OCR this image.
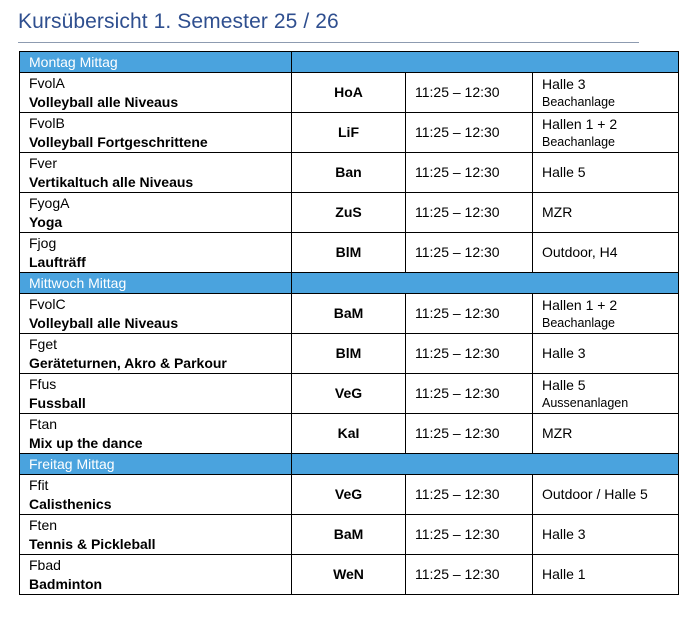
Kursübersicht 1. Semester 25 / 26
Montag Mittag			

FvolA
Volleyball alle Niveaus	HoA	11:25 – 12:30	Halle 3
Beachanlage

FvolB
Volleyball Fortgeschrittene	LiF	11:25 – 12:30	Hallen 1 + 2
Beachanlage

Fver
Vertikaltuch alle Niveaus	Ban	11:25 – 12:30	Halle 5

FyogA
Yoga	ZuS	11:25 – 12:30	MZR

Fjog
Laufträff	BlM	11:25 – 12:30	Outdoor, H4

Mittwoch Mittag			

FvolC
Volleyball alle Niveaus	BaM	11:25 – 12:30	Hallen 1 + 2
Beachanlage

Fget
Geräteturnen, Akro & Parkour	BlM	11:25 – 12:30	Halle 3

Ffus
Fussball	VeG	11:25 – 12:30	Halle 5
Aussenanlagen

Ftan
Mix up the dance	KaI	11:25 – 12:30	MZR

Freitag Mittag			

Ffit
Calisthenics	VeG	11:25 – 12:30	Outdoor / Halle 5

Ften
Tennis & Pickleball	BaM	11:25 – 12:30	Halle 3

Fbad
Badminton	WeN	11:25 – 12:30	Halle 1
